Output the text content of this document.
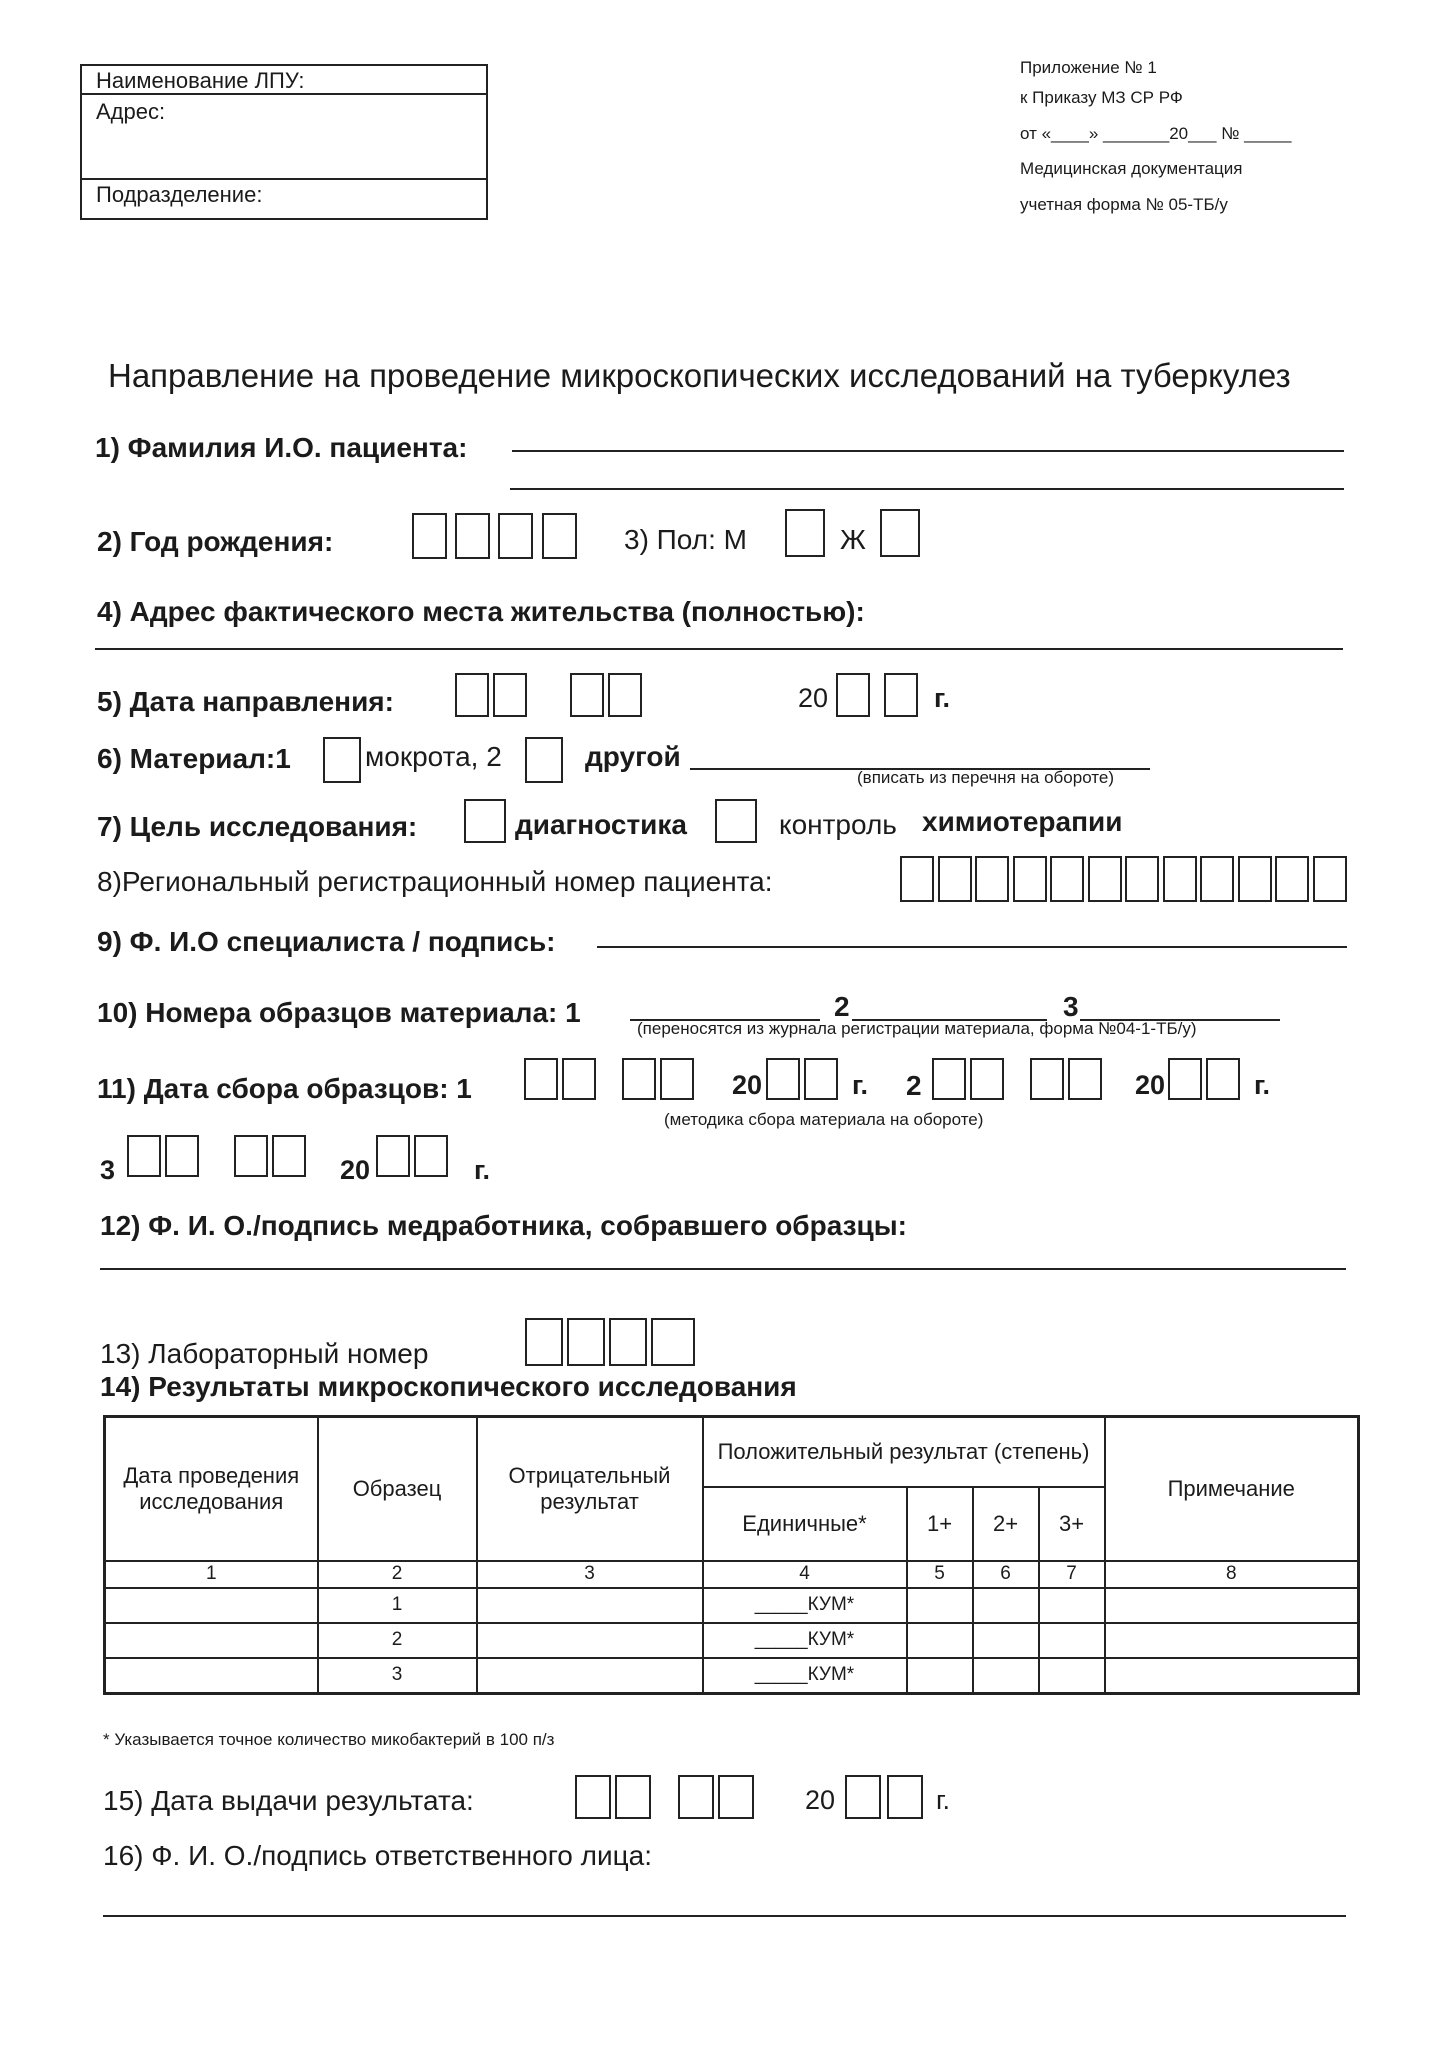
Наименование ЛПУ:
Адрес:
Подразделение:
Приложение № 1
к Приказу МЗ СР РФ
от «____» _______20___ № _____
Медицинская документация
учетная форма № 05-ТБ/у
Направление на проведение микроскопических исследований на туберкулез
1) Фамилия И.О. пациента:
2) Год рождения:	3) Пол: М	Ж
4) Адрес фактического места жительства (полностью):
5) Дата направления:	20	г.
6) Материал:1	мокрота, 2	другой
(вписать из перечня на обороте)
7) Цель исследования:	диагностика	контроль химиотерапии
8)Региональный регистрационный номер пациента:
9) Ф. И.О специалиста / подпись:
10) Номера образцов материала: 1	2	3
(переносятся из журнала регистрации материала, форма №04-1-ТБ/у)
11) Дата сбора образцов: 1	20	г. 2	20	г.
(методика сбора материала на обороте)
3	20	г.
12) Ф. И. О./подпись медработника, собравшего образцы:
13) Лабораторный номер
14) Результаты микроскопического исследования
Дата проведения исследования	Образец	Отрицательный результат	Положительный результат (степень)				Примечание
			Единичные*	1+	2+	3+	
1	2	3	4	5	6	7	8
	1		_____КУМ*				
	2		_____КУМ*				
	3		_____КУМ*				
* Указывается точное количество микобактерий в 100 п/з
15) Дата выдачи результата:	20	г.
16) Ф. И. О./подпись ответственного лица:
